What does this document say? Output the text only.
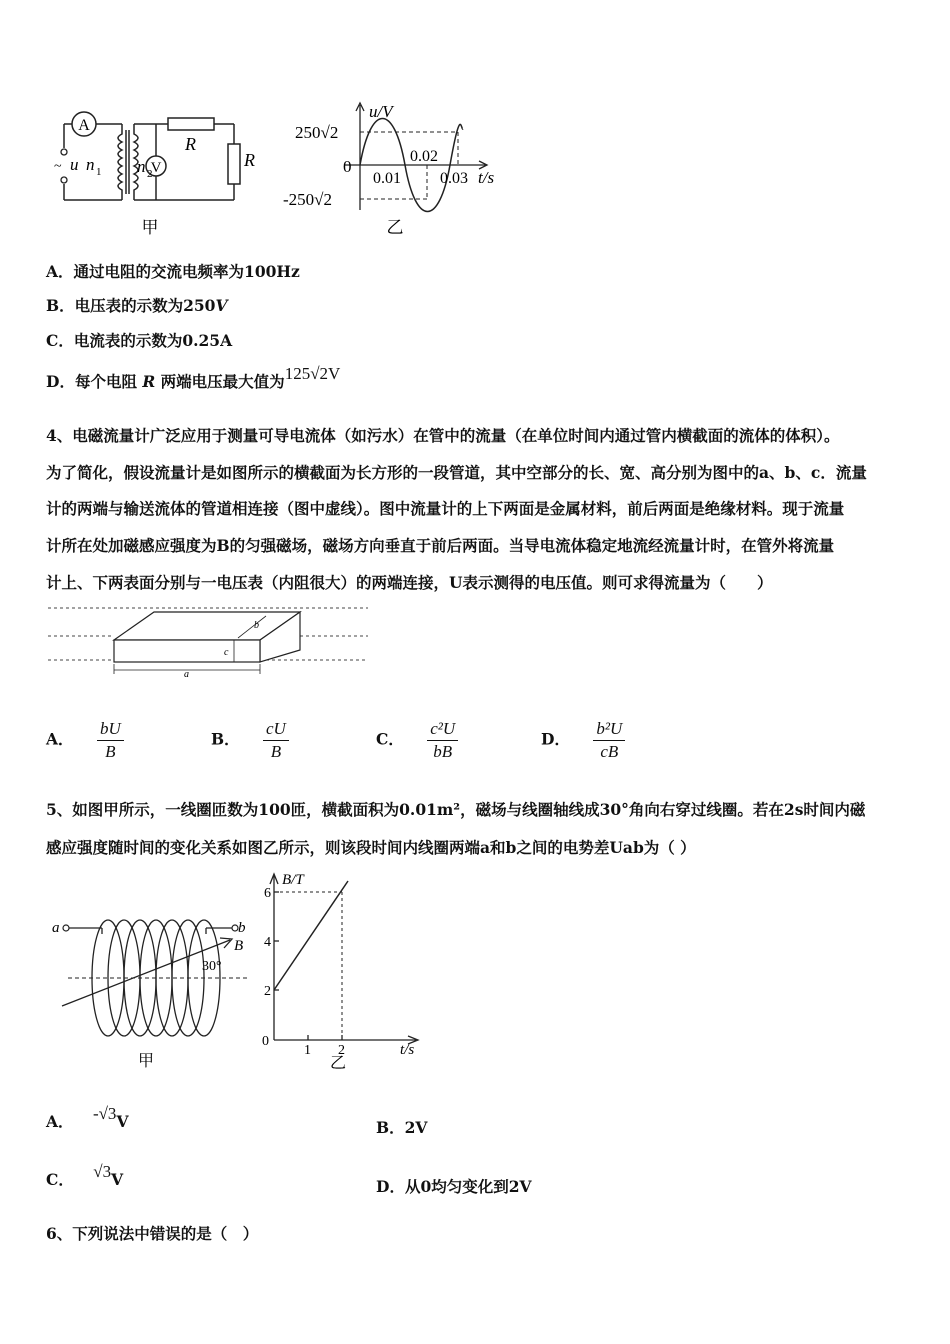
A
V
R
R
~ u n 1 n 2
甲
u/V
250√2
0
-250√2
0.01
0.02
0.03 t/s
乙
A．通过电阻的交流电频率为100Hz
B．电压表的示数为250V
C．电流表的示数为0.25A
D．每个电阻 R 两端电压最大值为125√2V
4、电磁流量计广泛应用于测量可导电流体（如污水）在管中的流量（在单位时间内通过管内横截面的流体的体积）。
为了简化，假设流量计是如图所示的横截面为长方形的一段管道，其中空部分的长、宽、高分别为图中的a、b、c．流量
计的两端与输送流体的管道相连接（图中虚线）。图中流量计的上下两面是金属材料，前后两面是绝缘材料。现于流量
计所在处加磁感应强度为B的匀强磁场，磁场方向垂直于前后两面。当导电流体稳定地流经流量计时，在管外将流量
计上、下两表面分别与一电压表（内阻很大）的两端连接，U表示测得的电压值。则可求得流量为（　　）
a
b
c
A． $\frac{bU}{B}$	B． $\frac{cU}{B}$	C． $\frac{\text{c²U}}{bB}$	D． $\frac{\text{b²U}}{cB}$
5、如图甲所示，一线圈匝数为100匝，横截面积为0.01m²，磁场与线圈轴线成30°角向右穿过线圈。若在2s时间内磁
感应强度随时间的变化关系如图乙所示，则该段时间内线圈两端a和b之间的电势差Uab为（ ）
a	b
B
30°
甲
B/T
2
4
6
0
1 2	t/s
乙
A． -√3V	B．2V
C． √3V	D．从0均匀变化到2V
6、下列说法中错误的是（　）
